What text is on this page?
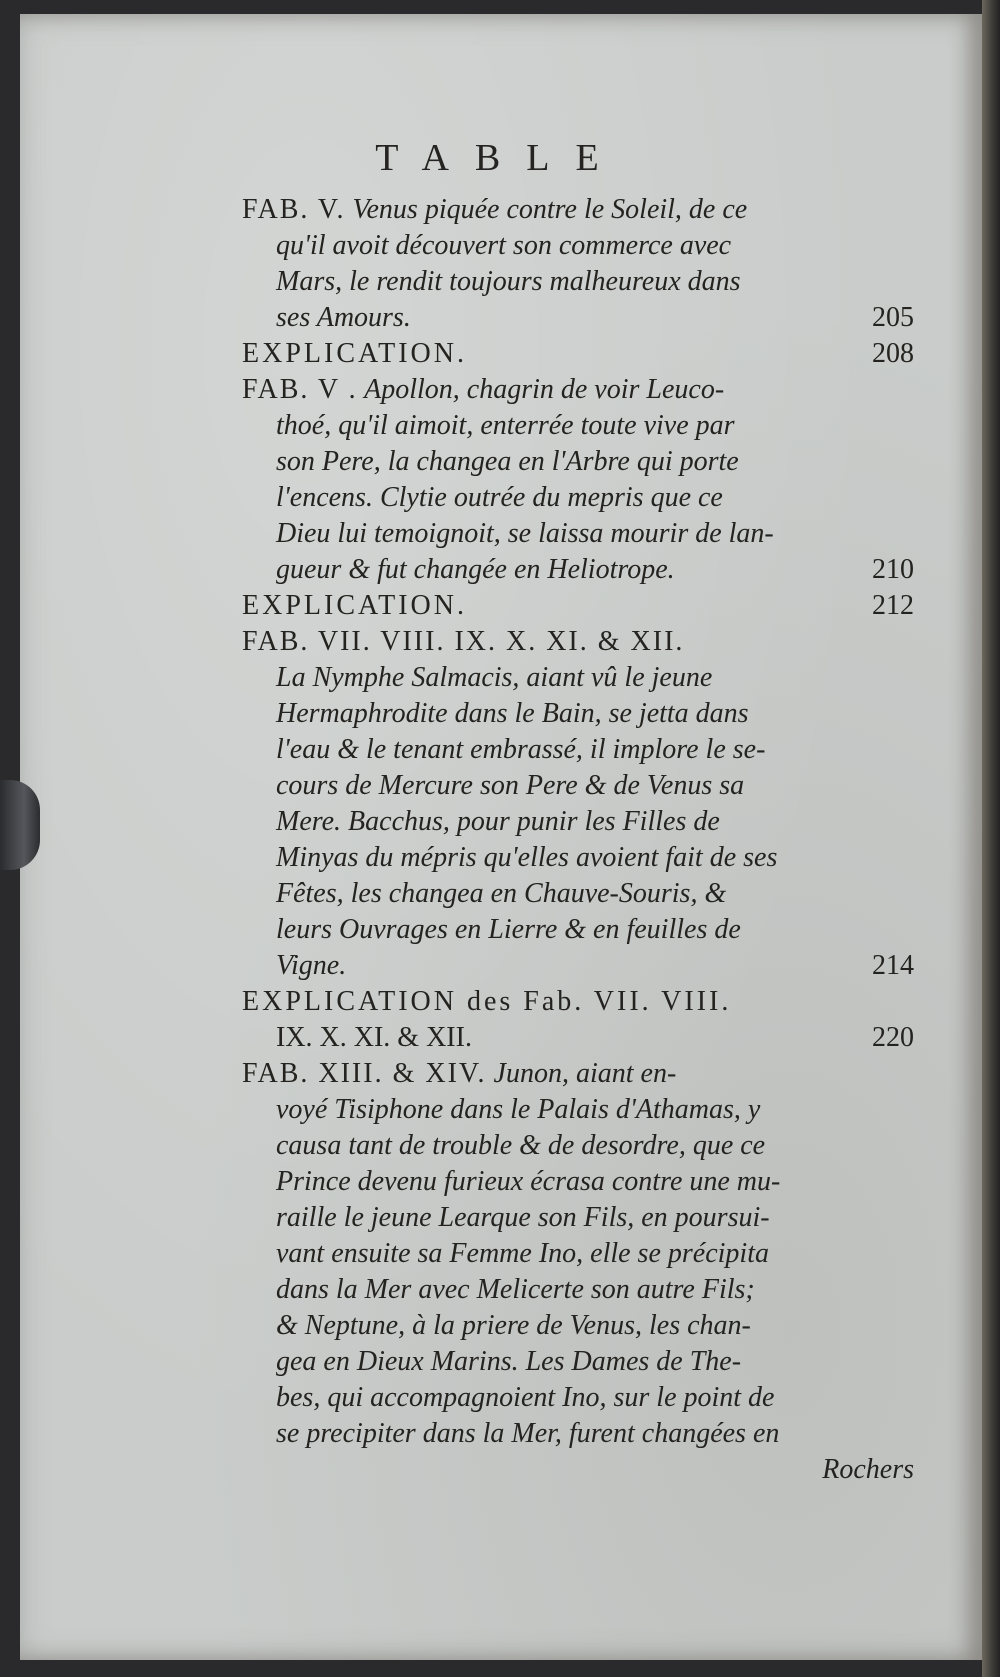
TABLE
FAB. V. Venus piquée contre le Soleil, de ce
qu'il avoit découvert son commerce avec
Mars, le rendit toujours malheureux dans
ses Amours.	205
EXPLICATION.	208
FAB. V . Apollon, chagrin de voir Leuco-
thoé, qu'il aimoit, enterrée toute vive par
son Pere, la changea en l'Arbre qui porte
l'encens. Clytie outrée du mepris que ce
Dieu lui temoignoit, se laissa mourir de lan-
gueur & fut changée en Heliotrope.	210
EXPLICATION.	212
FAB. VII. VIII. IX. X. XI. & XII.
La Nymphe Salmacis, aiant vû le jeune
Hermaphrodite dans le Bain, se jetta dans
l'eau & le tenant embrassé, il implore le se-
cours de Mercure son Pere & de Venus sa
Mere. Bacchus, pour punir les Filles de
Minyas du mépris qu'elles avoient fait de ses
Fêtes, les changea en Chauve-Souris, &
leurs Ouvrages en Lierre & en feuilles de
Vigne.	214
EXPLICATION des Fab. VII. VIII.
IX. X. XI. & XII.	220
FAB. XIII. & XIV. Junon, aiant en-
voyé Tisiphone dans le Palais d'Athamas, y
causa tant de trouble & de desordre, que ce
Prince devenu furieux écrasa contre une mu-
raille le jeune Learque son Fils, en poursui-
vant ensuite sa Femme Ino, elle se précipita
dans la Mer avec Melicerte son autre Fils;
& Neptune, à la priere de Venus, les chan-
gea en Dieux Marins. Les Dames de The-
bes, qui accompagnoient Ino, sur le point de
se precipiter dans la Mer, furent changées en
Rochers
